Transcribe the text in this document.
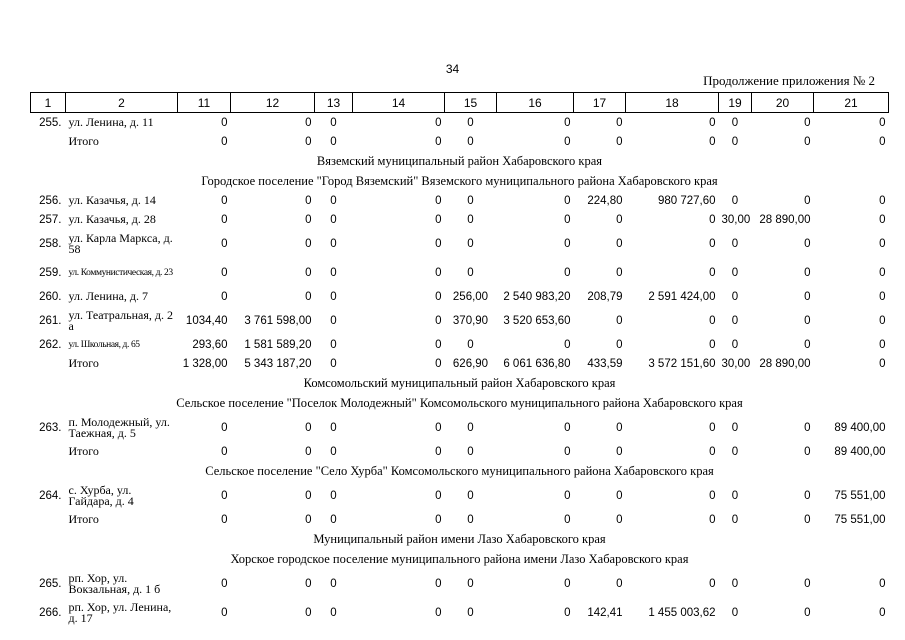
34
Продолжение приложения № 2
1	2	11	12	13	14	15	16	17	18	19	20	21
255.	ул. Ленина, д. 11	0	0	0	0	0	0	0	0	0	0	0
	Итого	0	0	0	0	0	0	0	0	0	0	0
Вяземский муниципальный район Хабаровского края												
Городское поселение "Город Вяземский" Вяземского муниципального района Хабаровского края												
256.	ул. Казачья, д. 14	0	0	0	0	0	0	224,80	980 727,60	0	0	0
257.	ул. Казачья, д. 28	0	0	0	0	0	0	0	0	30,00	28 890,00	0
258.	ул. Карла Маркса, д. 58	0	0	0	0	0	0	0	0	0	0	0
259.	ул. Коммунистическая, д. 23	0	0	0	0	0	0	0	0	0	0	0
260.	ул. Ленина, д. 7	0	0	0	0	256,00	2 540 983,20	208,79	2 591 424,00	0	0	0
261.	ул. Театральная, д. 2 а	1034,40	3 761 598,00	0	0	370,90	3 520 653,60	0	0	0	0	0
262.	ул. Школьная, д. 65	293,60	1 581 589,20	0	0	0	0	0	0	0	0	0
	Итого	1 328,00	5 343 187,20	0	0	626,90	6 061 636,80	433,59	3 572 151,60	30,00	28 890,00	0
Комсомольский муниципальный район Хабаровского края												
Сельское поселение "Поселок Молодежный" Комсомольского муниципального района Хабаровского края												
263.	п. Молодежный, ул. Таежная, д. 5	0	0	0	0	0	0	0	0	0	0	89 400,00
	Итого	0	0	0	0	0	0	0	0	0	0	89 400,00
Сельское поселение "Село Хурба" Комсомольского муниципального района Хабаровского края												
264.	с. Хурба, ул. Гайдара, д. 4	0	0	0	0	0	0	0	0	0	0	75 551,00
	Итого	0	0	0	0	0	0	0	0	0	0	75 551,00
Муниципальный район имени Лазо Хабаровского края												
Хорское городское поселение муниципального района имени Лазо Хабаровского края												
265.	рп. Хор, ул. Вокзальная, д. 1 б	0	0	0	0	0	0	0	0	0	0	0
266.	рп. Хор, ул. Ленина, д. 17	0	0	0	0	0	0	142,41	1 455 003,62	0	0	0
